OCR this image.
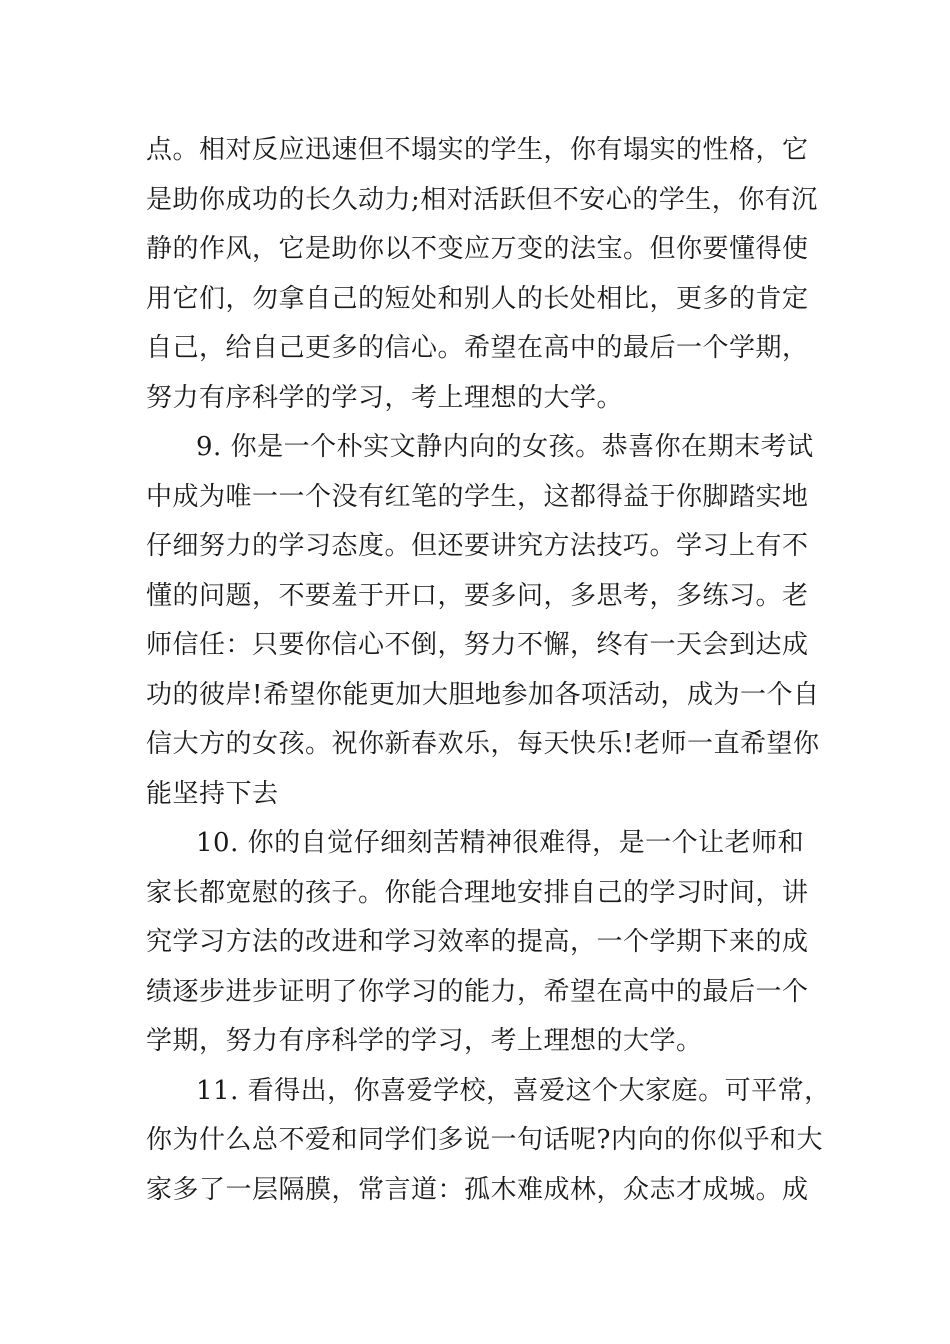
点。相对反应迅速但不塌实的学生，你有塌实的性格，它
是助你成功的长久动力;相对活跃但不安心的学生，你有沉
静的作风，它是助你以不变应万变的法宝。但你要懂得使
用它们，勿拿自己的短处和别人的长处相比，更多的肯定
自己，给自己更多的信心。希望在高中的最后一个学期，
努力有序科学的学习，考上理想的大学。
9. 你是一个朴实文静内向的女孩。恭喜你在期末考试
中成为唯一一个没有红笔的学生，这都得益于你脚踏实地
仔细努力的学习态度。但还要讲究方法技巧。学习上有不
懂的问题，不要羞于开口，要多问，多思考，多练习。老
师信任：只要你信心不倒，努力不懈，终有一天会到达成
功的彼岸!希望你能更加大胆地参加各项活动，成为一个自
信大方的女孩。祝你新春欢乐，每天快乐!老师一直希望你
能坚持下去
10. 你的自觉仔细刻苦精神很难得，是一个让老师和
家长都宽慰的孩子。你能合理地安排自己的学习时间，讲
究学习方法的改进和学习效率的提高，一个学期下来的成
绩逐步进步证明了你学习的能力，希望在高中的最后一个
学期，努力有序科学的学习，考上理想的大学。
11. 看得出，你喜爱学校，喜爱这个大家庭。可平常，
你为什么总不爱和同学们多说一句话呢?内向的你似乎和大
家多了一层隔膜，常言道：孤木难成林，众志才成城。成
